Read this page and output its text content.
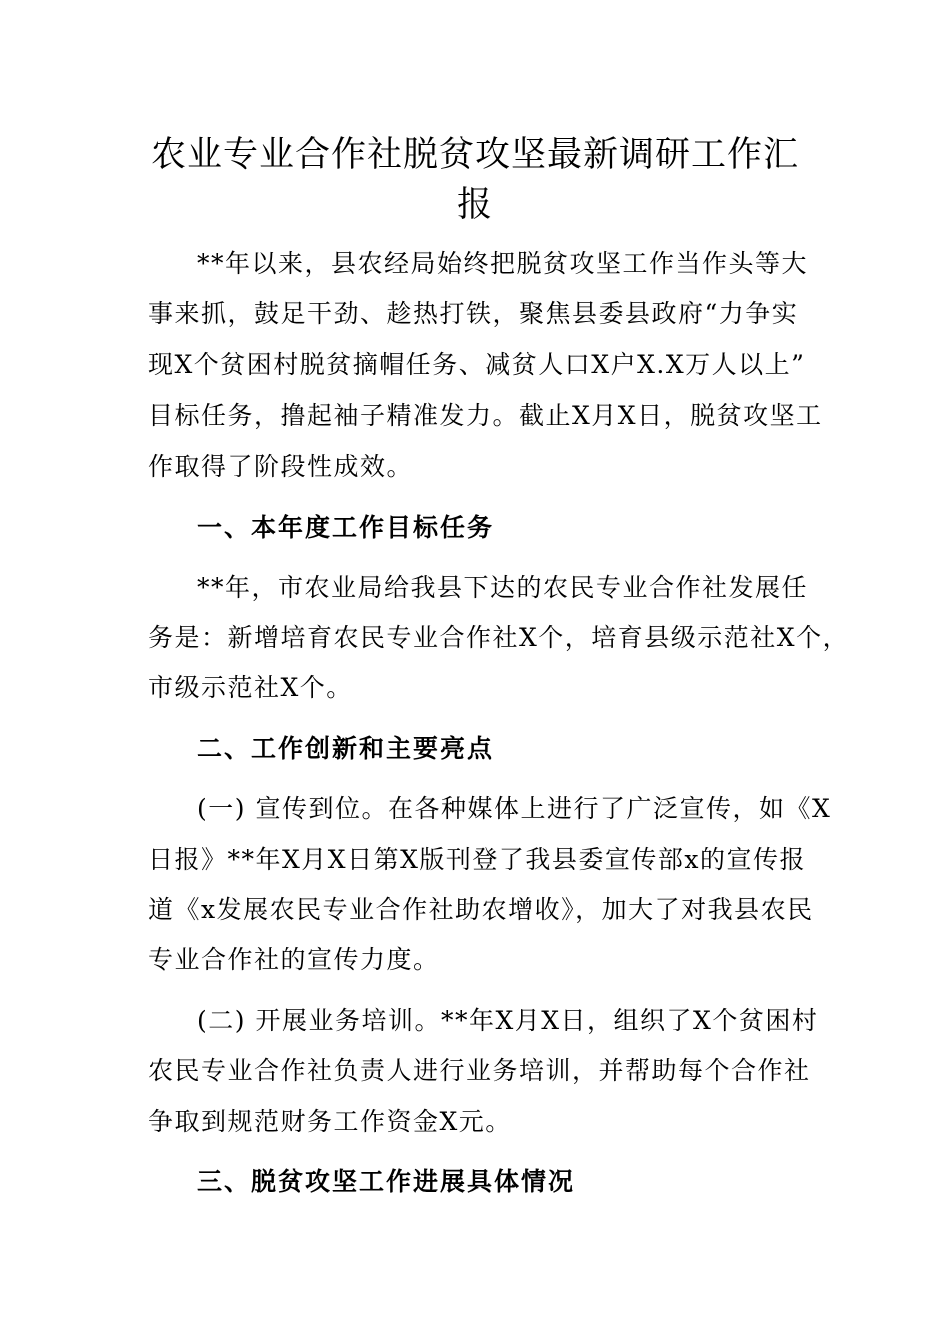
农业专业合作社脱贫攻坚最新调研工作汇
报

**年以来，县农经局始终把脱贫攻坚工作当作头等大

事来抓，鼓足干劲、趁热打铁，聚焦县委县政府“力争实

现X个贫困村脱贫摘帽任务、减贫人口X户X.X万人以上”

目标任务，撸起袖子精准发力。截止X月X日，脱贫攻坚工

作取得了阶段性成效。

一、本年度工作目标任务

**年，市农业局给我县下达的农民专业合作社发展任

务是：新增培育农民专业合作社X个，培育县级示范社X个，

市级示范社X个。

二、工作创新和主要亮点

(一) 宣传到位。在各种媒体上进行了广泛宣传，如《X

日报》**年X月X日第X版刊登了我县委宣传部x的宣传报

道《x发展农民专业合作社助农增收》，加大了对我县农民

专业合作社的宣传力度。

(二) 开展业务培训。**年X月X日，组织了X个贫困村

农民专业合作社负责人进行业务培训，并帮助每个合作社

争取到规范财务工作资金X元。

三、脱贫攻坚工作进展具体情况
